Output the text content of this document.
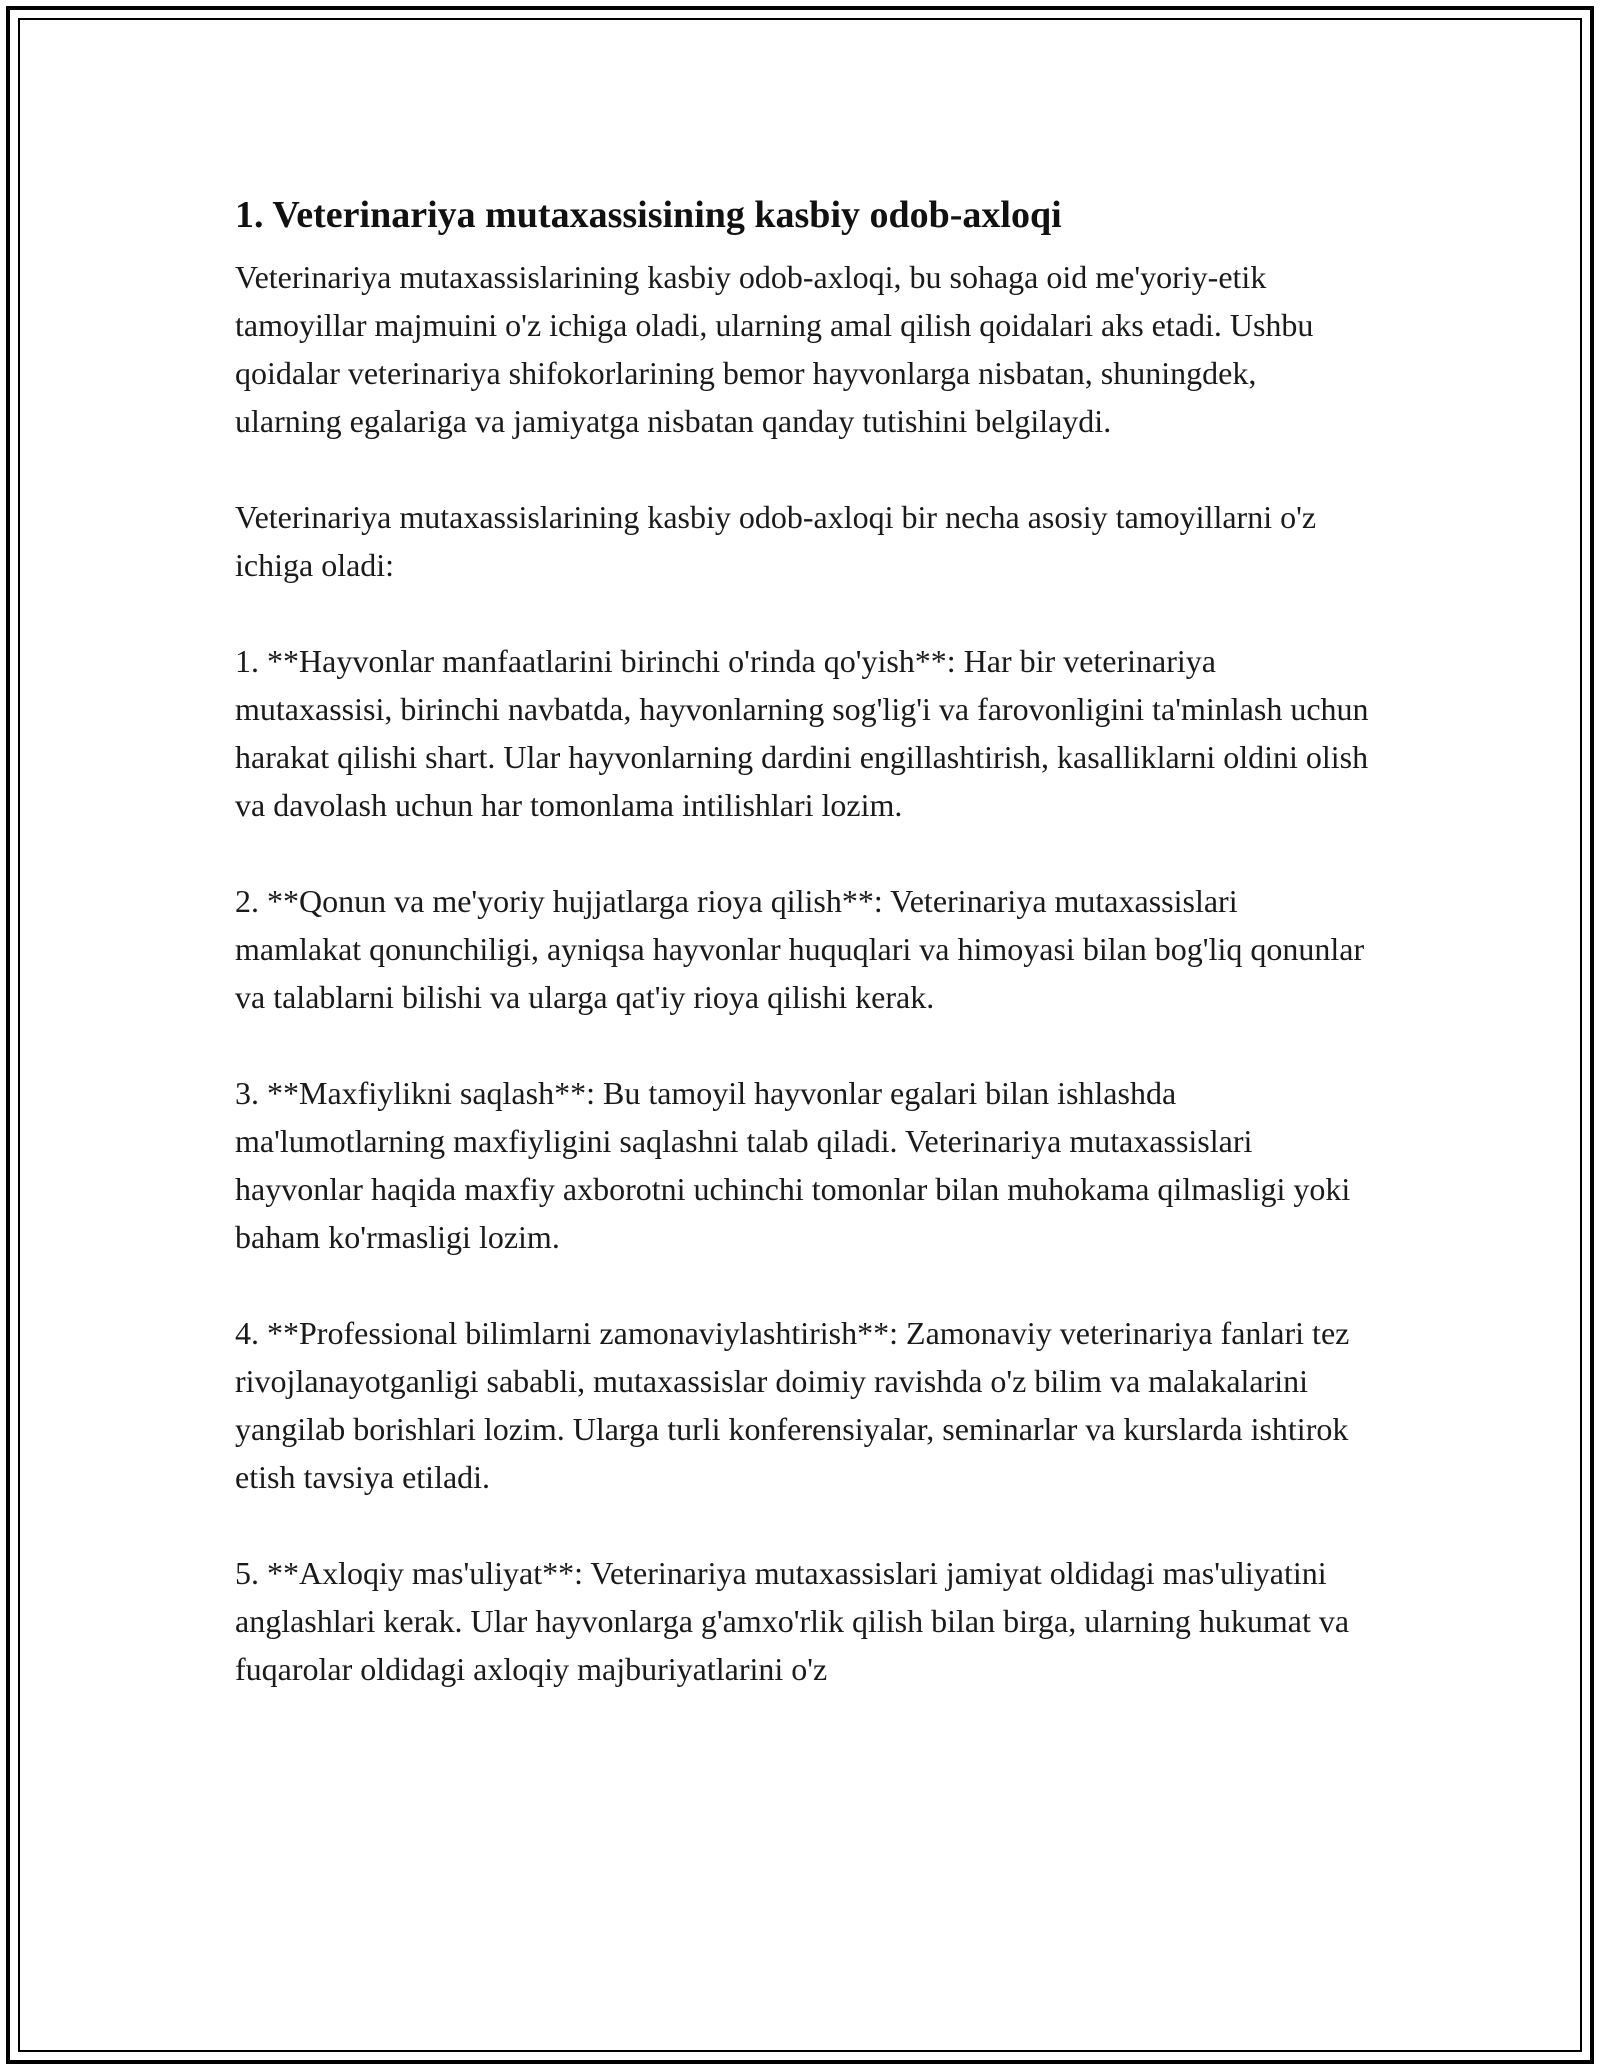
1. Veterinariya mutaxassisining kasbiy odob-axloqi

Veterinariya mutaxassislarining kasbiy odob-axloqi, bu sohaga oid me'yoriy-etik tamoyillar majmuini o'z ichiga oladi, ularning amal qilish qoidalari aks etadi. Ushbu qoidalar veterinariya shifokorlarining bemor hayvonlarga nisbatan, shuningdek, ularning egalariga va jamiyatga nisbatan qanday tutishini belgilaydi.

Veterinariya mutaxassislarining kasbiy odob-axloqi bir necha asosiy tamoyillarni o'z ichiga oladi:

1. **Hayvonlar manfaatlarini birinchi o'rinda qo'yish**: Har bir veterinariya mutaxassisi, birinchi navbatda, hayvonlarning sog'lig'i va farovonligini ta'minlash uchun harakat qilishi shart. Ular hayvonlarning dardini engillashtirish, kasalliklarni oldini olish va davolash uchun har tomonlama intilishlari lozim.

2. **Qonun va me'yoriy hujjatlarga rioya qilish**: Veterinariya mutaxassislari mamlakat qonunchiligi, ayniqsa hayvonlar huquqlari va himoyasi bilan bog'liq qonunlar va talablarni bilishi va ularga qat'iy rioya qilishi kerak.

3. **Maxfiylikni saqlash**: Bu tamoyil hayvonlar egalari bilan ishlashda ma'lumotlarning maxfiyligini saqlashni talab qiladi. Veterinariya mutaxassislari hayvonlar haqida maxfiy axborotni uchinchi tomonlar bilan muhokama qilmasligi yoki baham ko'rmasligi lozim.

4. **Professional bilimlarni zamonaviylashtirish**: Zamonaviy veterinariya fanlari tez rivojlanayotganligi sababli, mutaxassislar doimiy ravishda o'z bilim va malakalarini yangilab borishlari lozim. Ularga turli konferensiyalar, seminarlar va kurslarda ishtirok etish tavsiya etiladi.

5. **Axloqiy mas'uliyat**: Veterinariya mutaxassislari jamiyat oldidagi mas'uliyatini anglashlari kerak. Ular hayvonlarga g'amxo'rlik qilish bilan birga, ularning hukumat va fuqarolar oldidagi axloqiy majburiyatlarini o'z
